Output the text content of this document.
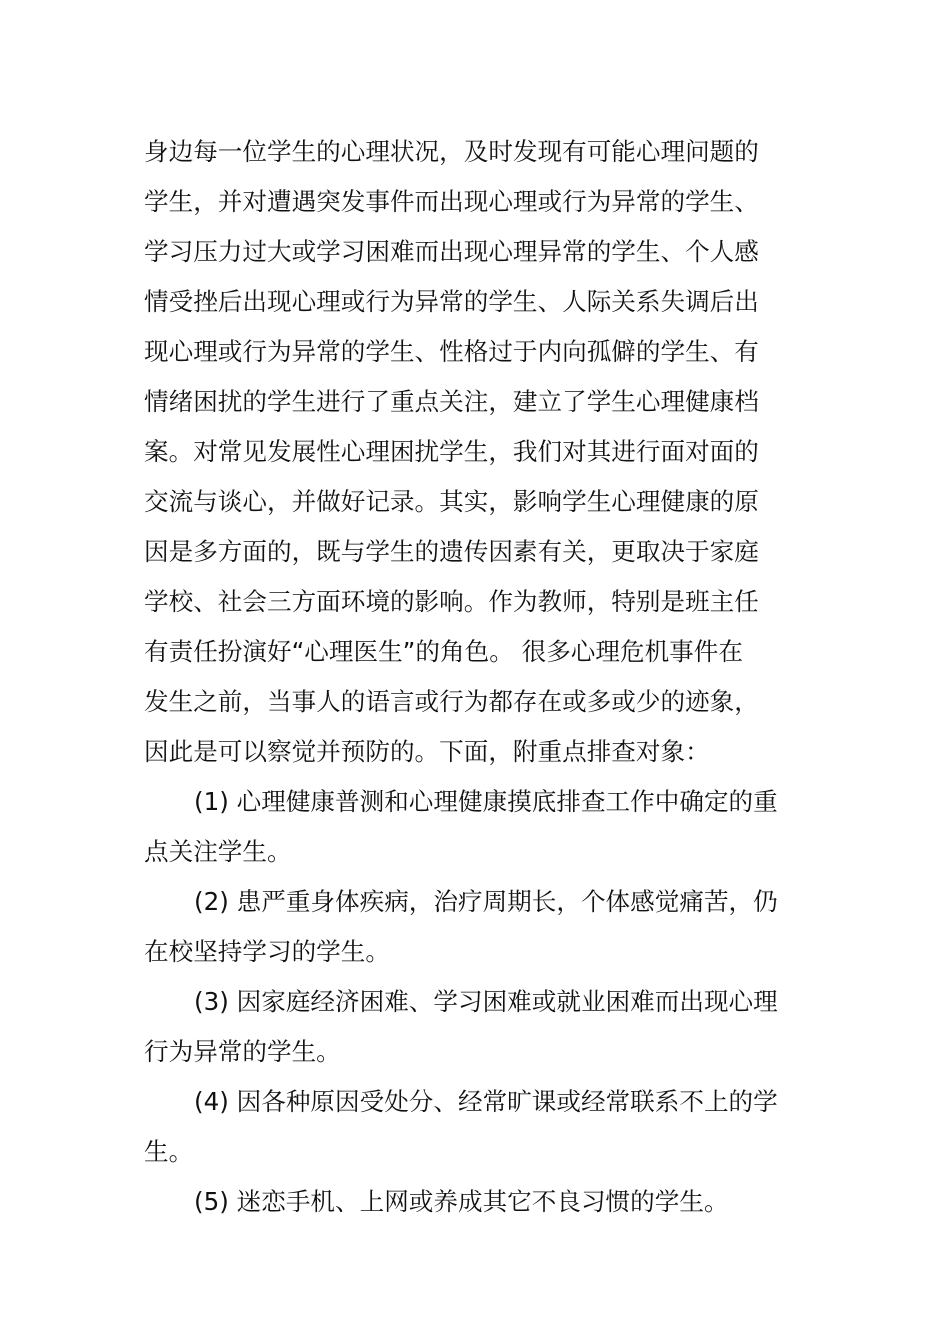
身边每一位学生的心理状况，及时发现有可能心理问题的
学生，并对遭遇突发事件而出现心理或行为异常的学生、
学习压力过大或学习困难而出现心理异常的学生、个人感
情受挫后出现心理或行为异常的学生、人际关系失调后出
现心理或行为异常的学生、性格过于内向孤僻的学生、有
情绪困扰的学生进行了重点关注，建立了学生心理健康档
案。对常见发展性心理困扰学生，我们对其进行面对面的
交流与谈心，并做好记录。其实，影响学生心理健康的原
因是多方面的，既与学生的遗传因素有关，更取决于家庭
学校、社会三方面环境的影响。作为教师，特别是班主任
有责任扮演好“心理医生”的角色。 很多心理危机事件在
发生之前，当事人的语言或行为都存在或多或少的迹象，
因此是可以察觉并预防的。下面，附重点排查对象：
(1) 心理健康普测和心理健康摸底排查工作中确定的重
点关注学生。
(2) 患严重身体疾病，治疗周期长，个体感觉痛苦，仍
在校坚持学习的学生。
(3) 因家庭经济困难、学习困难或就业困难而出现心理
行为异常的学生。
(4) 因各种原因受处分、经常旷课或经常联系不上的学
生。
(5) 迷恋手机、上网或养成其它不良习惯的学生。
